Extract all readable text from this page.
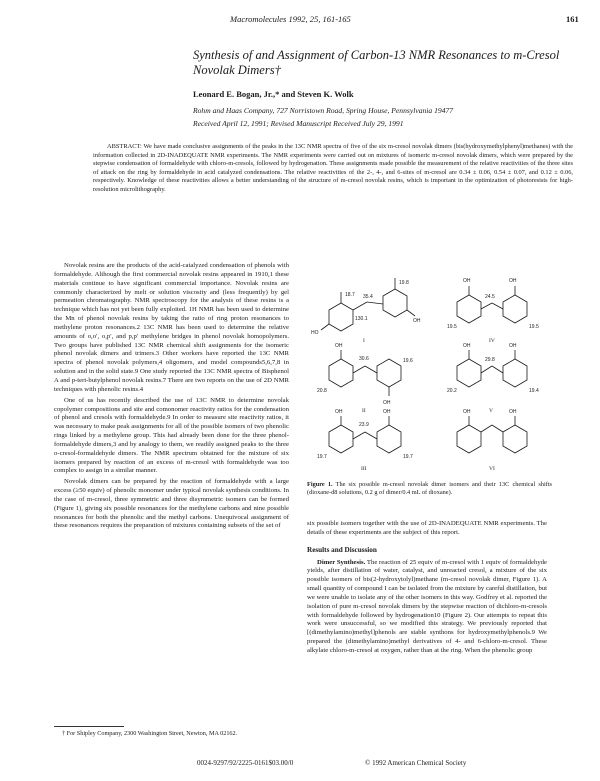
Macromolecules 1992, 25, 161-165	161
Synthesis of and Assignment of Carbon-13 NMR Resonances to m-Cresol Novolak Dimers†
Leonard E. Bogan, Jr.,* and Steven K. Wolk
Rohm and Haas Company, 727 Norristown Road, Spring House, Pennsylvania 19477
Received April 12, 1991; Revised Manuscript Received July 29, 1991
ABSTRACT: We have made conclusive assignments of the peaks in the 13C NMR spectra of five of the six m-cresol novolak dimers (bis(hydroxymethylphenyl)methanes) with the information collected in 2D-INADEQUATE NMR experiments. The NMR experiments were carried out on mixtures of isomeric m-cresol novolak dimers, which were prepared by the stepwise condensation of formaldehyde with chloro-m-cresols, followed by hydrogenation. These assignments made possible the measurement of the relative reactivities of the three sites of attack on the ring by formaldehyde in acid catalyzed condensations. The relative reactivities of the 2-, 4-, and 6-sites of m-cresol are 0.34 ± 0.06, 0.54 ± 0.07, and 0.12 ± 0.06, respectively. Knowledge of these reactivities allows a better understanding of the structure of m-cresol novolak resins, which is important in the optimization of photoresists for high-resolution microlithography.

Novolak resins are the products of the acid-catalyzed condensation of phenols with formaldehyde. Although the first commercial novolak resins appeared in 1910,1 these materials continue to have significant commercial importance. Novolak resins are commonly characterized by melt or solution viscosity and (less frequently) by gel permeation chromatography. NMR spectroscopy for the analysis of these resins is a technique which has not yet been fully exploited. 1H NMR has been used to determine the Mn of phenol novolak resins by taking the ratio of ring proton resonances to methylene proton resonances.2 13C NMR has been used to determine the relative amounts of o,o′, o,p′, and p,p′ methylene bridges in phenol novolak homopolymers. Two groups have published 13C NMR chemical shift assignments for the isomeric phenol novolak dimers and trimers.3 Other workers have reported the 13C NMR spectra of phenol novolak polymers,4 oligomers, and model compounds5,6,7,8 in solution and in the solid state.9 One study reported the 13C NMR spectra of Bisphenol A and p-tert-butylphenol novolak resins.7 There are two reports on the use of 2D NMR techniques with phenolic resins.4

One of us has recently described the use of 13C NMR to determine novolak copolymer compositions and site and comonomer reactivity ratios for the condensation of phenol and cresols with formaldehyde.9 In order to measure site reactivity ratios, it was necessary to make peak assignments for all of the possible isomers of two phenolic rings linked by a methylene group. This had already been done for the three phenol-formaldehyde dimers,3 and by analogy to them, we readily assigned peaks to the three o-cresol-formaldehyde dimers. The NMR spectrum obtained for the mixture of six isomers prepared by reaction of an excess of m-cresol with formaldehyde was too complex to assign in a similar manner.

Novolak dimers can be prepared by the reaction of formaldehyde with a large excess (≥50 equiv) of phenolic monomer under typical novolak synthesis conditions. In the case of m-cresol, three symmetric and three disymmetric isomers can be formed (Figure 1), giving six possible resonances for the methylene carbons and nine possible resonances for both the phenolic and the methyl carbons. Unequivocal assignment of these resonances requires the preparation of mixtures containing subsets of the set of

HO
OH
18.7
19.8
35.4
130.1
I
OH	OH
24.5
19.5	19.5
IV
OH
OH
30.6
20.8
19.6
II
OH	OH
29.8
20.2	19.4
V
OH	OH
23.9
19.7	19.7
III
OH	OH
VI
Figure 1. The six possible m-cresol novolak dimer isomers and their 13C chemical shifts (dioxane-d8 solutions, 0.2 g of dimer/0.4 mL of dioxane).

six possible isomers together with the use of 2D-INADEQUATE NMR experiments. The details of these experiments are the subject of this report.

Results and Discussion

Dimer Synthesis. The reaction of 25 equiv of m-cresol with 1 equiv of formaldehyde yields, after distillation of water, catalyst, and unreacted cresol, a mixture of the six possible isomers of bis(2-hydroxytolyl)methane (m-cresol novolak dimer, Figure 1). A small quantity of compound I can be isolated from the mixture by careful distillation, but we were unable to isolate any of the other isomers in this way. Godfrey et al. reported the isolation of pure m-cresol novolak dimers by the stepwise reaction of dichloro-m-cresols with formaldehyde followed by hydrogenation10 (Figure 2). Our attempts to repeat this work were unsuccessful, so we modified this strategy. We previously reported that [(dimethylamino)methyl]phenols are stable synthons for hydroxymethylphenols.9 We prepared the (dimethylamino)methyl derivatives of 4- and 6-chloro-m-cresol. These alkylate chloro-m-cresol at oxygen, rather than at the ring. When the phenolic group

† For Shipley Company, 2300 Washington Street, Newton, MA 02162.
0024-9297/92/2225-0161$03.00/0	© 1992 American Chemical Society
